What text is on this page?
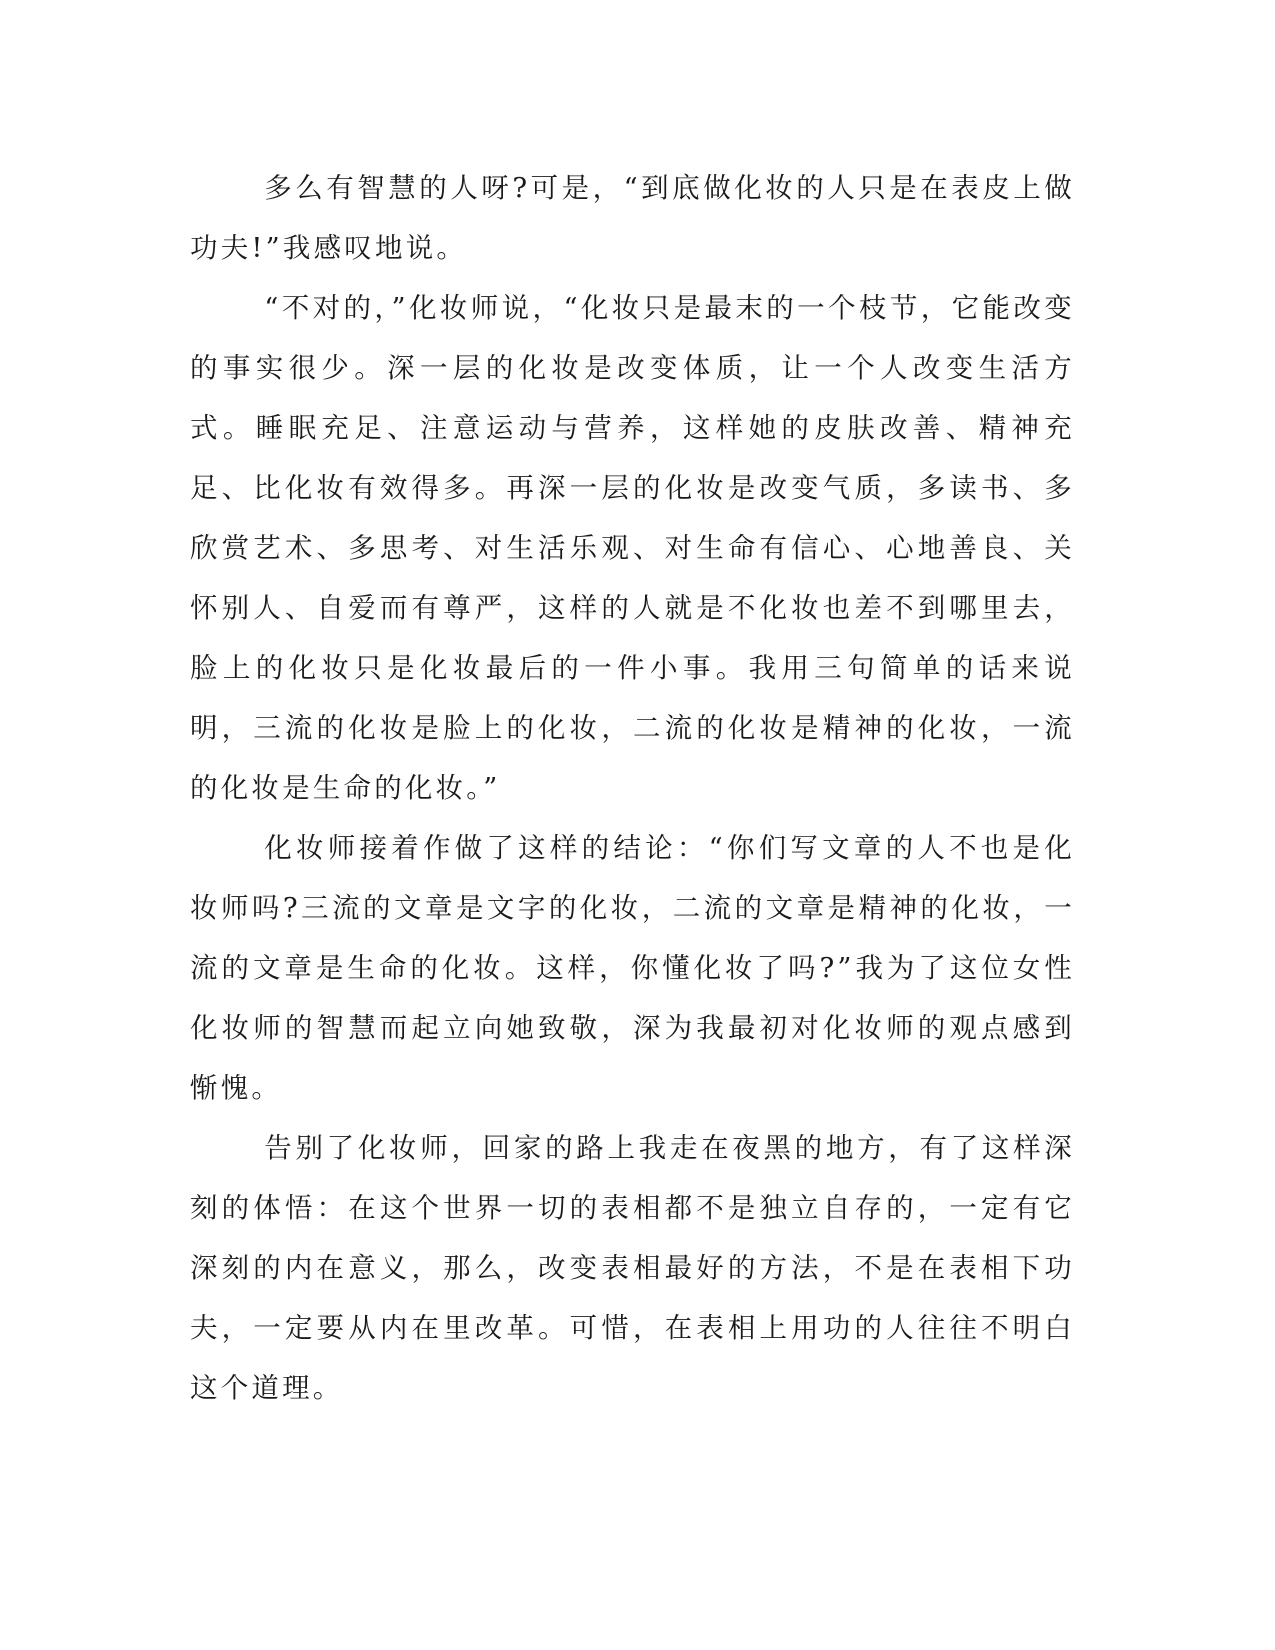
多么有智慧的人呀?可是，“到底做化妆的人只是在表皮上做功夫!”我感叹地说。

“不对的，”化妆师说，“化妆只是最末的一个枝节，它能改变的事实很少。深一层的化妆是改变体质，让一个人改变生活方式。睡眠充足、注意运动与营养，这样她的皮肤改善、精神充足、比化妆有效得多。再深一层的化妆是改变气质，多读书、多欣赏艺术、多思考、对生活乐观、对生命有信心、心地善良、关怀别人、自爱而有尊严，这样的人就是不化妆也差不到哪里去，脸上的化妆只是化妆最后的一件小事。我用三句简单的话来说明，三流的化妆是脸上的化妆，二流的化妆是精神的化妆，一流的化妆是生命的化妆。”

化妆师接着作做了这样的结论：“你们写文章的人不也是化妆师吗?三流的文章是文字的化妆，二流的文章是精神的化妆，一流的文章是生命的化妆。这样，你懂化妆了吗?”我为了这位女性化妆师的智慧而起立向她致敬，深为我最初对化妆师的观点感到惭愧。

告别了化妆师，回家的路上我走在夜黑的地方，有了这样深刻的体悟：在这个世界一切的表相都不是独立自存的，一定有它深刻的内在意义，那么，改变表相最好的方法，不是在表相下功夫，一定要从内在里改革。可惜，在表相上用功的人往往不明白这个道理。
